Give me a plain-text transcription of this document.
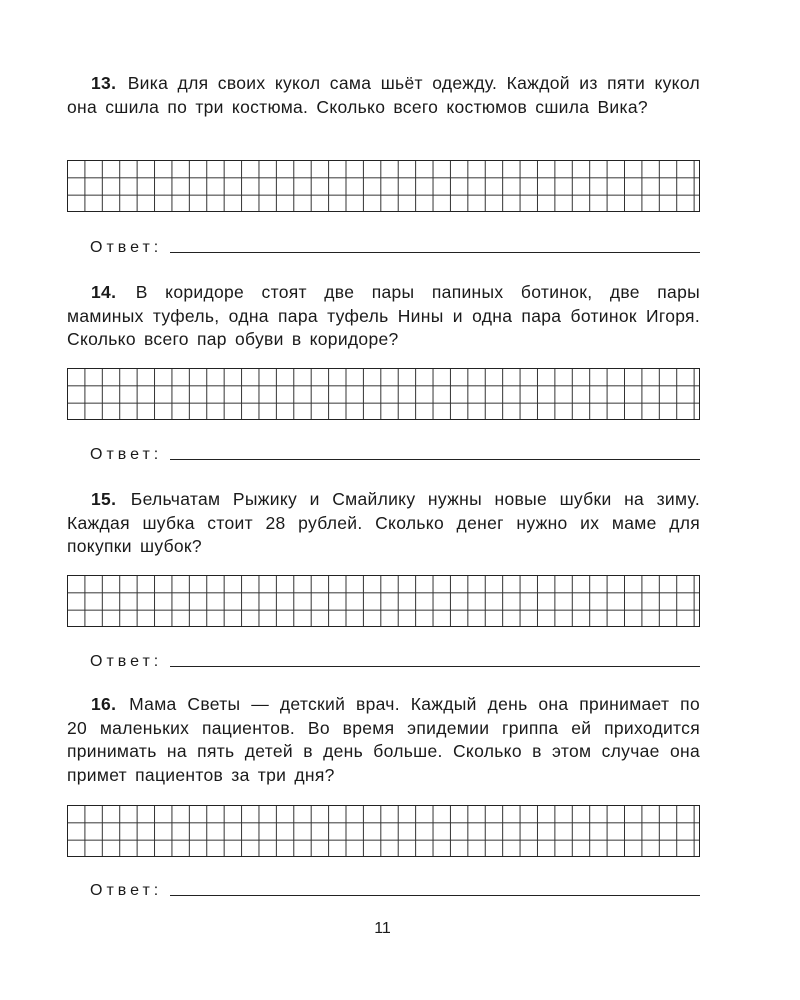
13. Вика для своих кукол сама шьёт одежду. Каждой из пяти кукол она сшила по три костюма. Сколько всего костюмов сшила Вика?

Ответ:

14. В коридоре стоят две пары папиных ботинок, две пары маминых туфель, одна пара туфель Нины и одна пара ботинок Игоря. Сколько всего пар обуви в коридоре?

Ответ:

15. Бельчатам Рыжику и Смайлику нужны новые шубки на зиму. Каждая шубка стоит 28 рублей. Сколько денег нужно их маме для покупки шубок?

Ответ:

16. Мама Светы — детский врач. Каждый день она принимает по 20 маленьких пациентов. Во время эпидемии гриппа ей приходится принимать на пять детей в день больше. Сколько в этом случае она примет пациентов за три дня?

Ответ:
11
